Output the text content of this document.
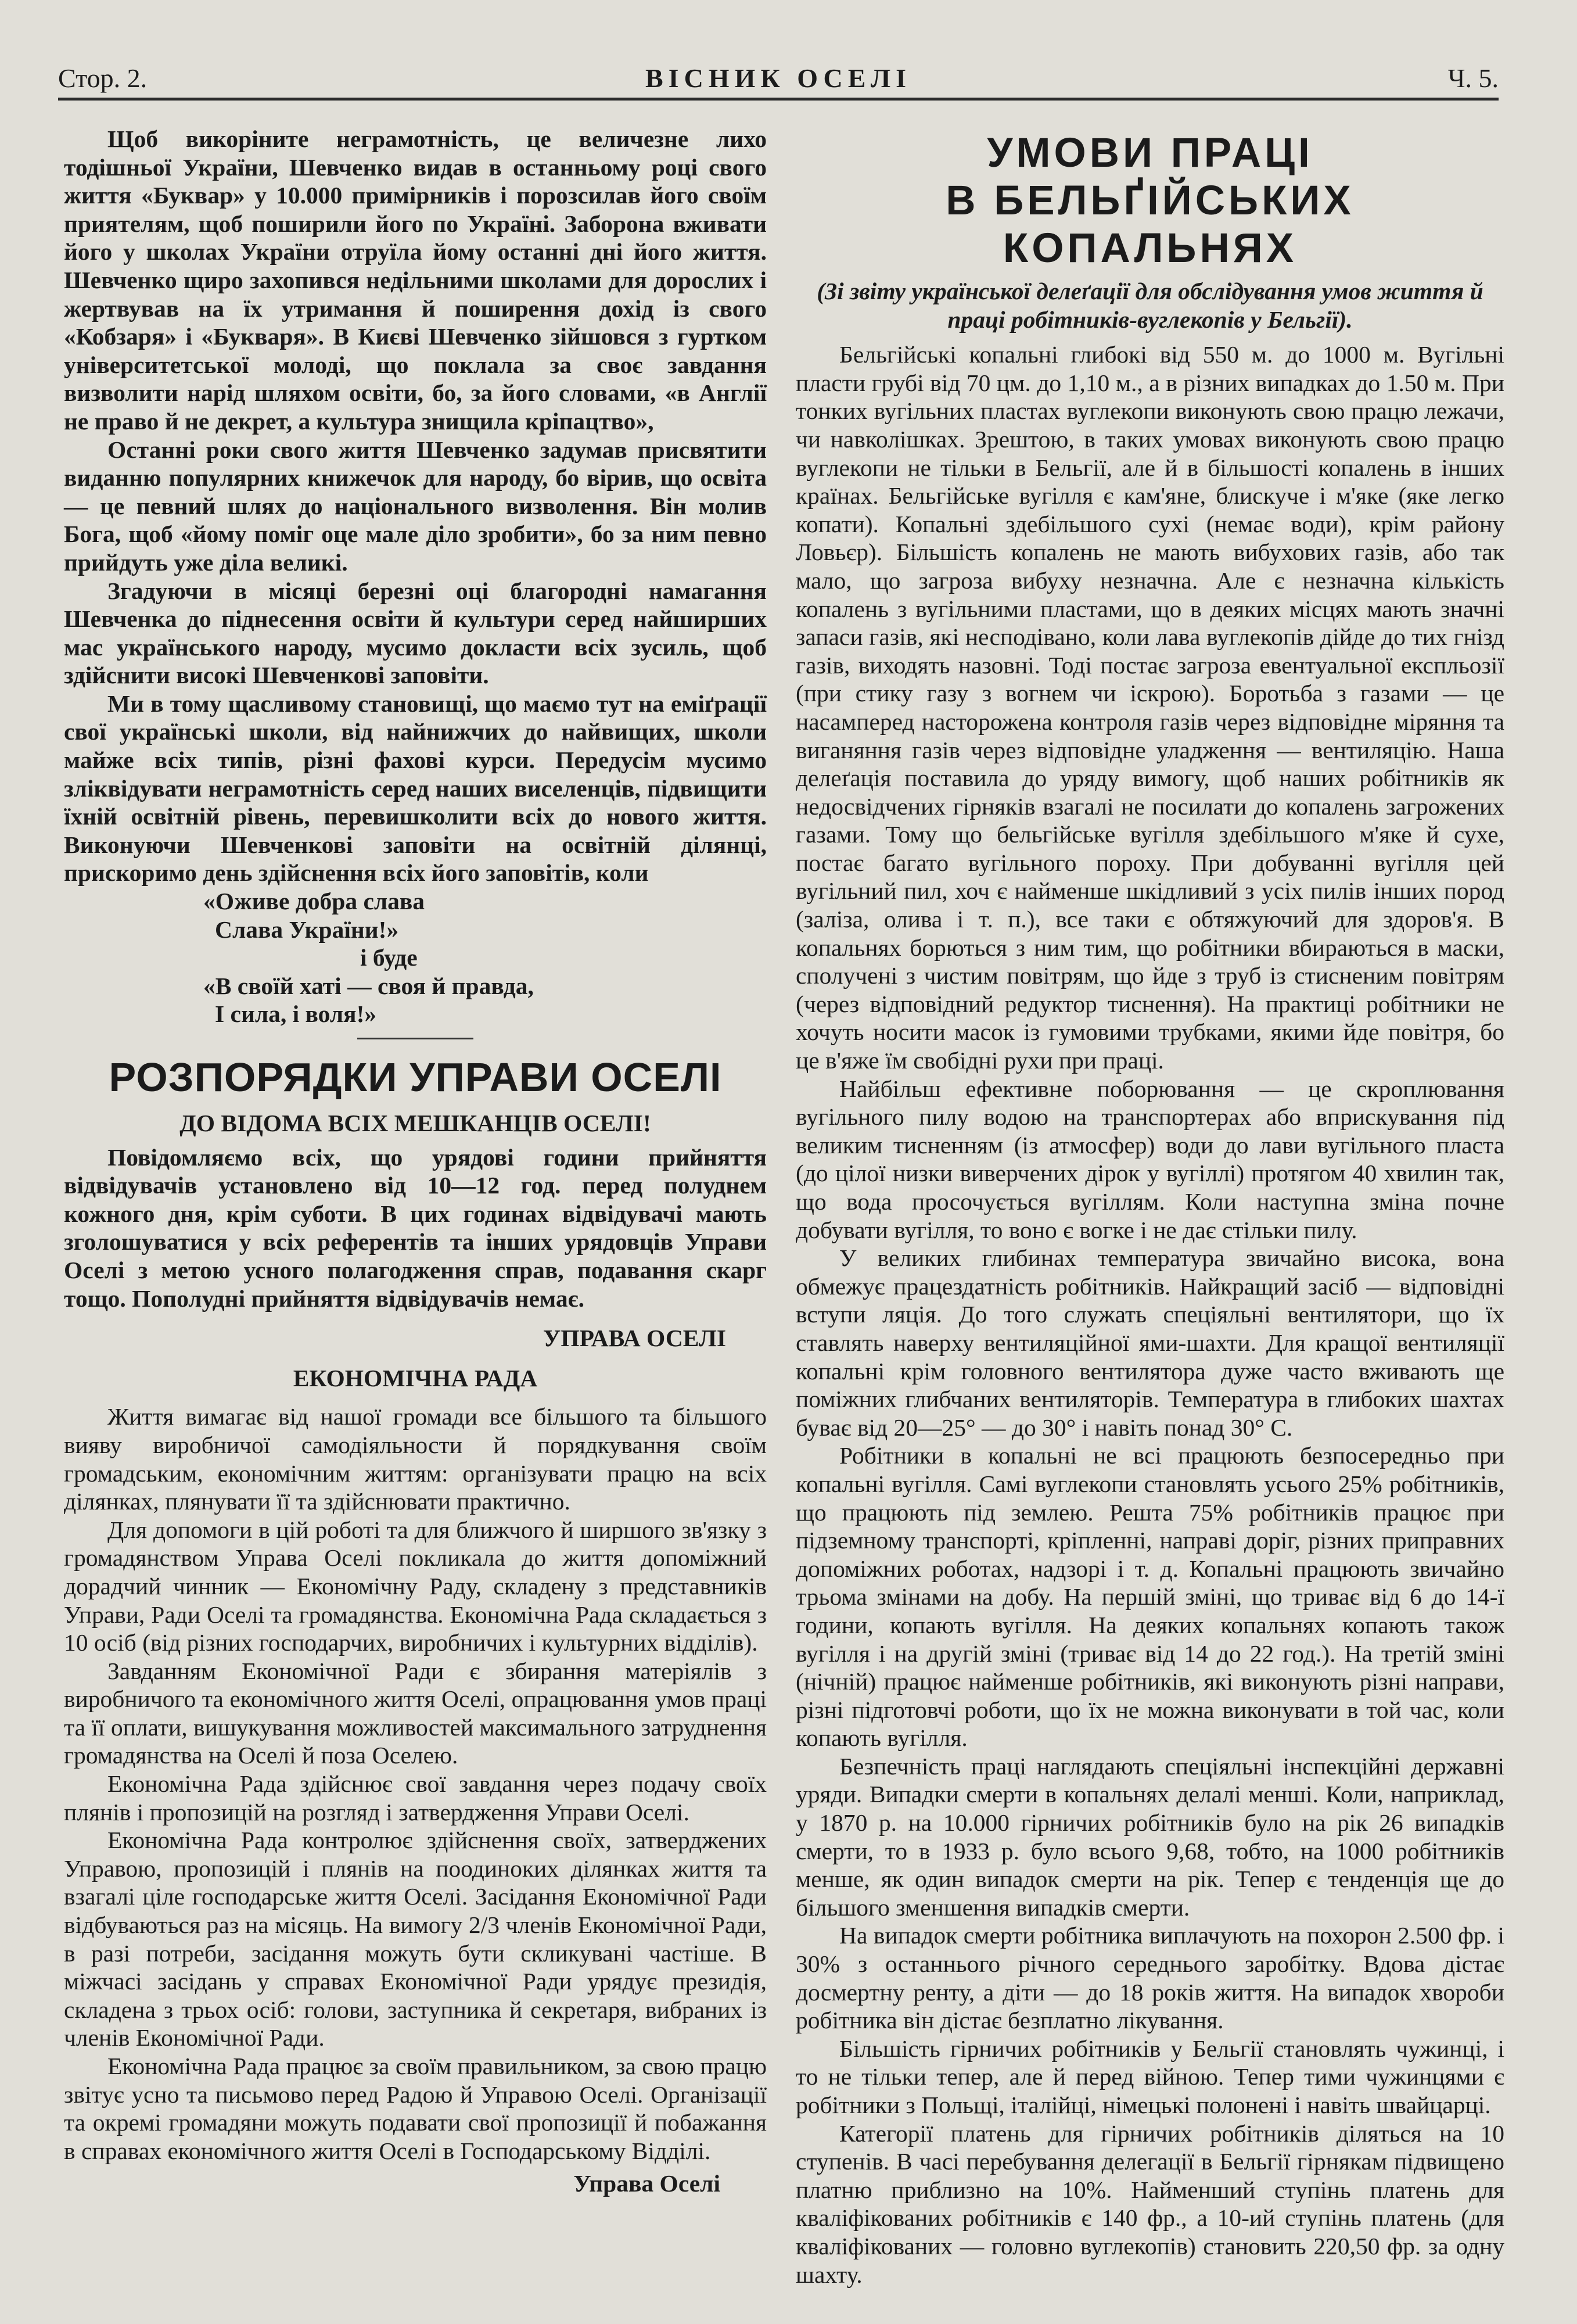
Стор. 2.	ВІСНИК ОСЕЛІ	Ч. 5.

Щоб викоріните неграмотність, це величезне лихо тодішньої України, Шевченко видав в останньому році свого життя «Буквар» у 10.000 примірників і порозсилав його своїм приятелям, щоб поширили його по Україні. Заборона вживати його у школах України отруїла йому останні дні його життя. Шевченко щиро захопився недільними школами для дорослих і жертвував на їх утримання й поширення дохід із свого «Кобзаря» і «Букваря». В Києві Шевченко зійшовся з гуртком університетської молоді, що поклала за своє завдання визволити нарід шляхом освіти, бо, за його словами, «в Англії не право й не декрет, а культура знищила кріпацтво»,

Останні роки свого життя Шевченко задумав присвятити виданню популярних книжечок для народу, бо вірив, що освіта — це певний шлях до національного визволення. Він молив Бога, щоб «йому поміг оце мале діло зробити», бо за ним певно прийдуть уже діла великі.

Згадуючи в місяці березні оці благородні намагання Шевченка до піднесення освіти й культури серед найширших мас українського народу, мусимо докласти всіх зусиль, щоб здійснити високі Шевченкові заповіти.

Ми в тому щасливому становищі, що маємо тут на еміґрації свої українські школи, від найнижчих до найвищих, школи майже всіх типів, різні фахові курси. Передусім мусимо зліквідувати неграмотність серед наших виселенців, підвищити їхній освітній рівень, перевишколити всіх до нового життя. Виконуючи Шевченкові заповіти на освітній ділянці, прискоримо день здійснення всіх його заповітів, коли

«Оживе добра слава
Слава України!»
і буде
«В своїй хаті — своя й правда,
І сила, і воля!»
РОЗПОРЯДКИ УПРАВИ ОСЕЛІ
ДО ВІДОМА ВСІХ МЕШКАНЦІВ ОСЕЛІ!

Повідомляємо всіх, що урядові години прийняття відвідувачів установлено від 10—12 год. перед полуднем кожного дня, крім суботи. В цих годинах відвідувачі мають зголошуватися у всіх референтів та інших урядовців Управи Оселі з метою усного полагодження справ, подавання скарг тощо. Пополудні прийняття відвідувачів немає.

УПРАВА ОСЕЛІ
ЕКОНОМІЧНА РАДА

Життя вимагає від нашої громади все більшого та більшого вияву виробничої самодіяльности й порядкування своїм громадським, економічним життям: організувати працю на всіх ділянках, плянувати її та здійснювати практично.

Для допомоги в цій роботі та для ближчого й ширшого зв'язку з громадянством Управа Оселі покликала до життя допоміжний дорадчий чинник — Економічну Раду, складену з представників Управи, Ради Оселі та громадянства. Економічна Рада складається з 10 осіб (від різних господарчих, виробничих і культурних відділів).

Завданням Економічної Ради є збирання матеріялів з виробничого та економічного життя Оселі, опрацювання умов праці та її оплати, вишукування можливостей максимального затруднення громадянства на Оселі й поза Оселею.

Економічна Рада здійснює свої завдання через подачу своїх плянів і пропозицій на розгляд і затвердження Управи Оселі.

Економічна Рада контролює здійснення своїх, затверджених Управою, пропозицій і плянів на поодиноких ділянках життя та взагалі ціле господарське життя Оселі. Засідання Економічної Ради відбуваються раз на місяць. На вимогу 2/3 членів Економічної Ради, в разі потреби, засідання можуть бути скликувані частіше. В міжчасі засідань у справах Економічної Ради урядує президія, складена з трьох осіб: голови, заступника й секретаря, вибраних із членів Економічної Ради.

Економічна Рада працює за своїм правильником, за свою працю звітує усно та письмово перед Радою й Управою Оселі. Організації та окремі громадяни можуть подавати свої пропозиції й побажання в справах економічного життя Оселі в Господарському Відділі.

Управа Оселі
УМОВИ ПРАЦІ
В БЕЛЬҐІЙСЬКИХ КОПАЛЬНЯХ
(Зі звіту української делеґації для обслідування умов життя й праці робітників-вуглекопів у Бельгії).

Бельгійські копальні глибокі від 550 м. до 1000 м. Вугільні пласти грубі від 70 цм. до 1,10 м., а в різних випадках до 1.50 м. При тонких вугільних пластах вуглекопи виконують свою працю лежачи, чи навколішках. Зрештою, в таких умовах виконують свою працю вуглекопи не тільки в Бельгії, але й в більшості копалень в інших країнах. Бельгійське вугілля є кам'яне, блискуче і м'яке (яке легко копати). Копальні здебільшого сухі (немає води), крім району Ловьєр). Більшість копалень не мають вибухових газів, або так мало, що загроза вибуху незначна. Але є незначна кількість копалень з вугільними пластами, що в деяких місцях мають значні запаси газів, які несподівано, коли лава вуглекопів дійде до тих гнізд газів, виходять назовні. Тоді постає загроза евентуальної експльозії (при стику газу з вогнем чи іскрою). Боротьба з газами — це насамперед насторожена контроля газів через відповідне міряння та виганяння газів через відповідне уладження — вентиляцію. Наша делеґація поставила до уряду вимогу, щоб наших робітників як недосвідчених гірняків взагалі не посилати до копалень загрожених газами. Тому що бельгійське вугілля здебільшого м'яке й сухе, постає багато вугільного пороху. При добуванні вугілля цей вугільний пил, хоч є найменше шкідливий з усіх пилів інших пород (заліза, олива і т. п.), все таки є обтяжуючий для здоров'я. В копальнях борються з ним тим, що робітники вбираються в маски, сполучені з чистим повітрям, що йде з труб із стисненим повітрям (через відповідний редуктор тиснення). На практиці робітники не хочуть носити масок із гумовими трубками, якими йде повітря, бо це в'яже їм свобідні рухи при праці.

Найбільш ефективне поборювання — це скроплювання вугільного пилу водою на транспортерах або вприскування під великим тисненням (із атмосфер) води до лави вугільного пласта (до цілої низки виверчених дірок у вугіллі) протягом 40 хвилин так, що вода просочується вугіллям. Коли наступна зміна почне добувати вугілля, то воно є вогке і не дає стільки пилу.

У великих глибинах температура звичайно висока, вона обмежує працездатність робітників. Найкращий засіб — відповідні вступи ляція. До того служать спеціяльні вентилятори, що їх ставлять наверху вентиляційної ями-шахти. Для кращої вентиляції копальні крім головного вентилятора дуже часто вживають ще поміжних глибчаних вентиляторів. Температура в глибоких шахтах буває від 20—25° — до 30° і навіть понад 30° С.

Робітники в копальні не всі працюють безпосередньо при копальні вугілля. Самі вуглекопи становлять усього 25% робітників, що працюють під землею. Решта 75% робітників працює при підземному транспорті, кріпленні, направі доріг, різних приправних допоміжних роботах, надзорі і т. д. Копальні працюють звичайно трьома змінами на добу. На першій зміні, що триває від 6 до 14-ї години, копають вугілля. На деяких копальнях копають також вугілля і на другій зміні (триває від 14 до 22 год.). На третій зміні (нічній) працює найменше робітників, які виконують різні направи, різні підготовчі роботи, що їх не можна виконувати в той час, коли копають вугілля.

Безпечність праці наглядають спеціяльні інспекційні державні уряди. Випадки смерти в копальнях делалі менші. Коли, наприклад, у 1870 р. на 10.000 гірничих робітників було на рік 26 випадків смерти, то в 1933 р. було всього 9,68, тобто, на 1000 робітників менше, як один випадок смерти на рік. Тепер є тенденція ще до більшого зменшення випадків смерти.

На випадок смерти робітника виплачують на похорон 2.500 фр. і 30% з останнього річного середнього заробітку. Вдова дістає досмертну ренту, а діти — до 18 років життя. На випадок хвороби робітника він дістає безплатно лікування.

Більшість гірничих робітників у Бельгії становлять чужинці, і то не тільки тепер, але й перед війною. Тепер тими чужинцями є робітники з Польщі, італійці, німецькі полонені і навіть швайцарці.

Категорії платень для гірничих робітників діляться на 10 ступенів. В часі перебування делегації в Бельгії гірнякам підвищено платню приблизно на 10%. Найменший ступінь платень для кваліфікованих робітників є 140 фр., а 10-ий ступінь платень (для кваліфікованих — головно вуглекопів) становить 220,50 фр. за одну шахту.
